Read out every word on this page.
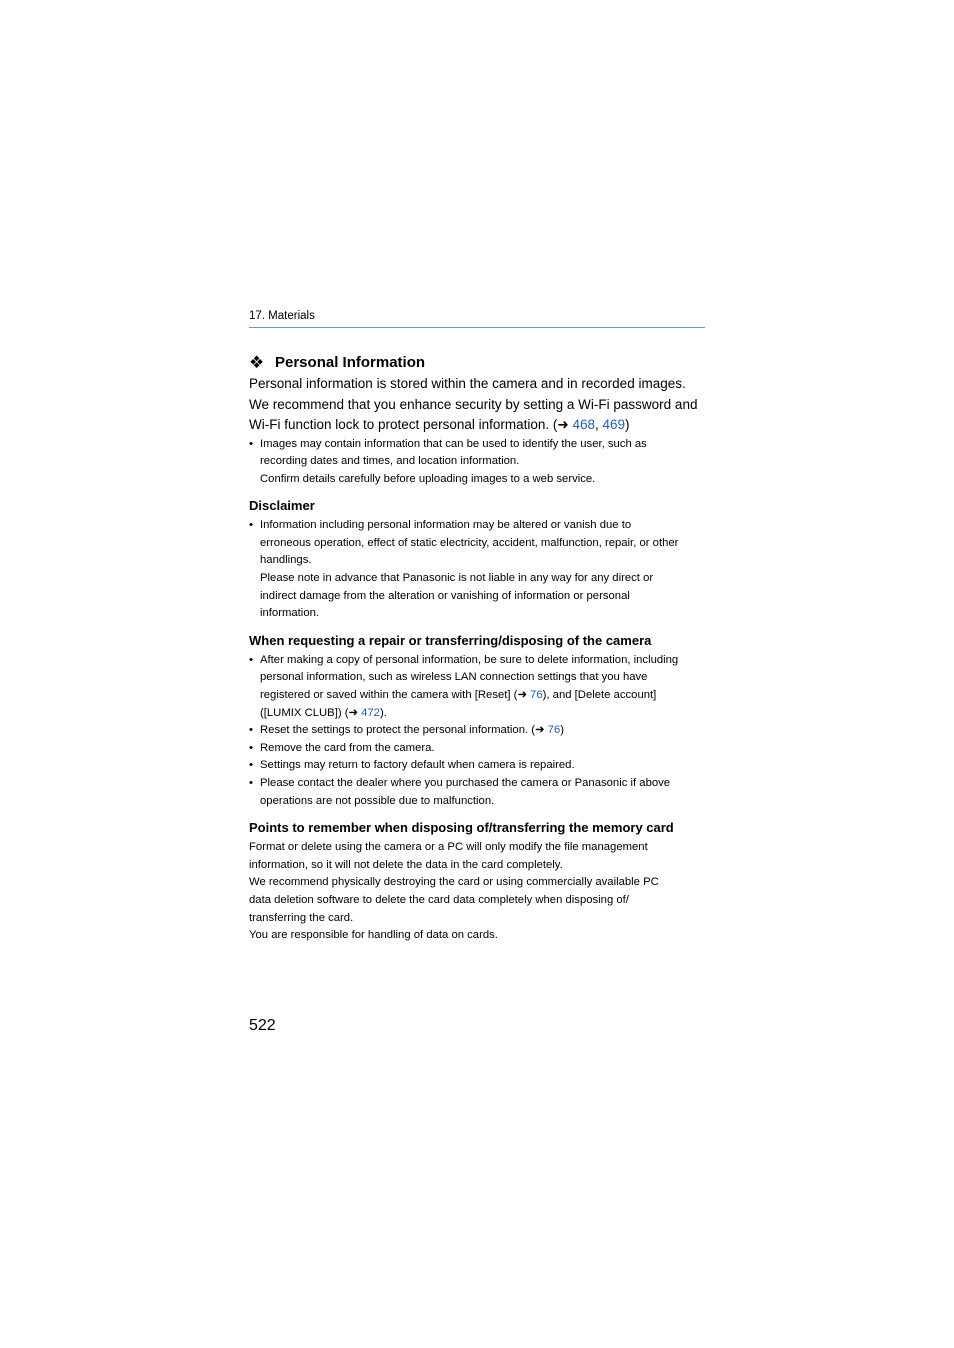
17. Materials
❖ Personal Information

Personal information is stored within the camera and in recorded images.

We recommend that you enhance security by setting a Wi-Fi password and
Wi-Fi function lock to protect personal information. (➜ 468, 469)

• Images may contain information that can be used to identify the user, such as
recording dates and times, and location information.
Confirm details carefully before uploading images to a web service.

Disclaimer

• Information including personal information may be altered or vanish due to
erroneous operation, effect of static electricity, accident, malfunction, repair, or other
handlings.
Please note in advance that Panasonic is not liable in any way for any direct or
indirect damage from the alteration or vanishing of information or personal
information.

When requesting a repair or transferring/disposing of the camera

• After making a copy of personal information, be sure to delete information, including
personal information, such as wireless LAN connection settings that you have
registered or saved within the camera with [Reset] (➜ 76), and [Delete account]
([LUMIX CLUB]) (➜ 472).
• Reset the settings to protect the personal information. (➜ 76)
• Remove the card from the camera.
• Settings may return to factory default when camera is repaired.
• Please contact the dealer where you purchased the camera or Panasonic if above
operations are not possible due to malfunction.

Points to remember when disposing of/transferring the memory card

Format or delete using the camera or a PC will only modify the file management
information, so it will not delete the data in the card completely.
We recommend physically destroying the card or using commercially available PC
data deletion software to delete the card data completely when disposing of/
transferring the card.
You are responsible for handling of data on cards.

522
